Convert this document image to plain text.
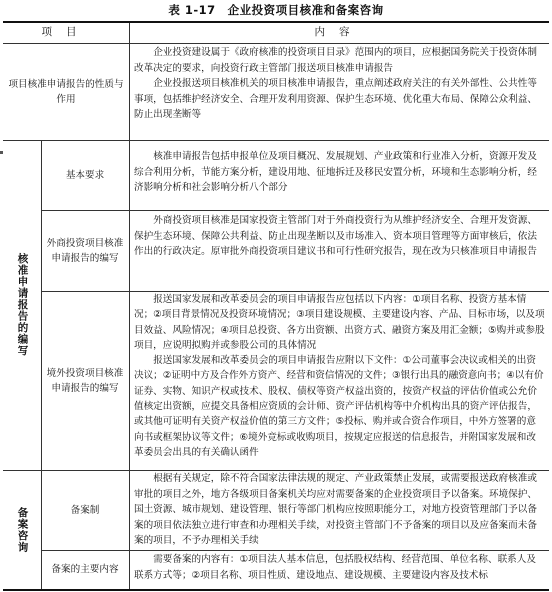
表 1-17　企业投资项目核准和备案咨询
项目	内容
项目核准申请报告的性质与作用

企业投资建设属于《政府核准的投资项目目录》范围内的项目，应根据国务院关于投资体制改革决定的要求，向投资行政主管部门报送项目核准申请报告

企业投报送项目核准机关的项目核准申请报告，重点阐述政府关注的有关外部性、公共性等事项，包括维护经济安全、合理开发利用资源、保护生态环境、优化重大布局、保障公众利益、防止出现垄断等

核准申请报告的编写
基本要求

核准申请报告包括申报单位及项目概况、发展规划、产业政策和行业准入分析，资源开发及综合利用分析，节能方案分析，建设用地、征地拆迁及移民安置分析，环境和生态影响分析，经济影响分析和社会影响分析八个部分

外商投资项目核准申请报告的编写

外商投资项目核准是国家投资主管部门对于外商投资行为从维护经济安全、合理开发资源、保护生态环境、保障公共利益、防止出现垄断以及市场准入、资本项目管理等方面审核后，依法作出的行政决定。原审批外商投资项目建议书和可行性研究报告，现在改为只核准项目申请报告

境外投资项目核准申请报告的编写

报送国家发展和改革委员会的项目申请报告应包括以下内容：①项目名称、投资方基本情况；②项目背景情况及投资环境情况；③项目建设规模、主要建设内容、产品、目标市场，以及项目效益、风险情况；④项目总投资、各方出资额、出资方式、融资方案及用汇金额；⑤购并或参股项目，应说明拟购并或参股公司的具体情况

报送国家发展和改革委员会的项目申请报告应附以下文件：①公司董事会决议或相关的出资决议；②证明中方及合作外方资产、经营和资信情况的文件；③银行出具的融资意向书；④以有价证券、实物、知识产权或技术、股权、债权等资产权益出资的，按资产权益的评估价值或公允价值核定出资额，应提交具备相应资质的会计师、资产评估机构等中介机构出具的资产评估报告，或其他可证明有关资产权益价值的第三方文件；⑤投标、购并或合资合作项目，中外方签署的意向书或框架协议等文件；⑥境外竞标或收购项目，按规定应报送的信息报告，并附国家发展和改革委员会出具的有关确认函件

备案咨询	备案制

根据有关规定，除不符合国家法律法规的规定、产业政策禁止发展，或需要报送政府核准或审批的项目之外，地方各级项目备案机关均应对需要备案的企业投资项目予以备案。环境保护、国土资源、城市规划、建设管理、银行等部门机构应按照职能分工，对地方投资管理部门予以备案的项目依法独立进行审查和办理相关手续，对投资主管部门不予备案的项目以及应备案而未备案的项目，不予办理相关手续

备案的主要内容

需要备案的内容有：①项目法人基本信息，包括股权结构、经营范围、单位名称、联系人及联系方式等；②项目名称、项目性质、建设地点、建设规模、主要建设内容及技术标
